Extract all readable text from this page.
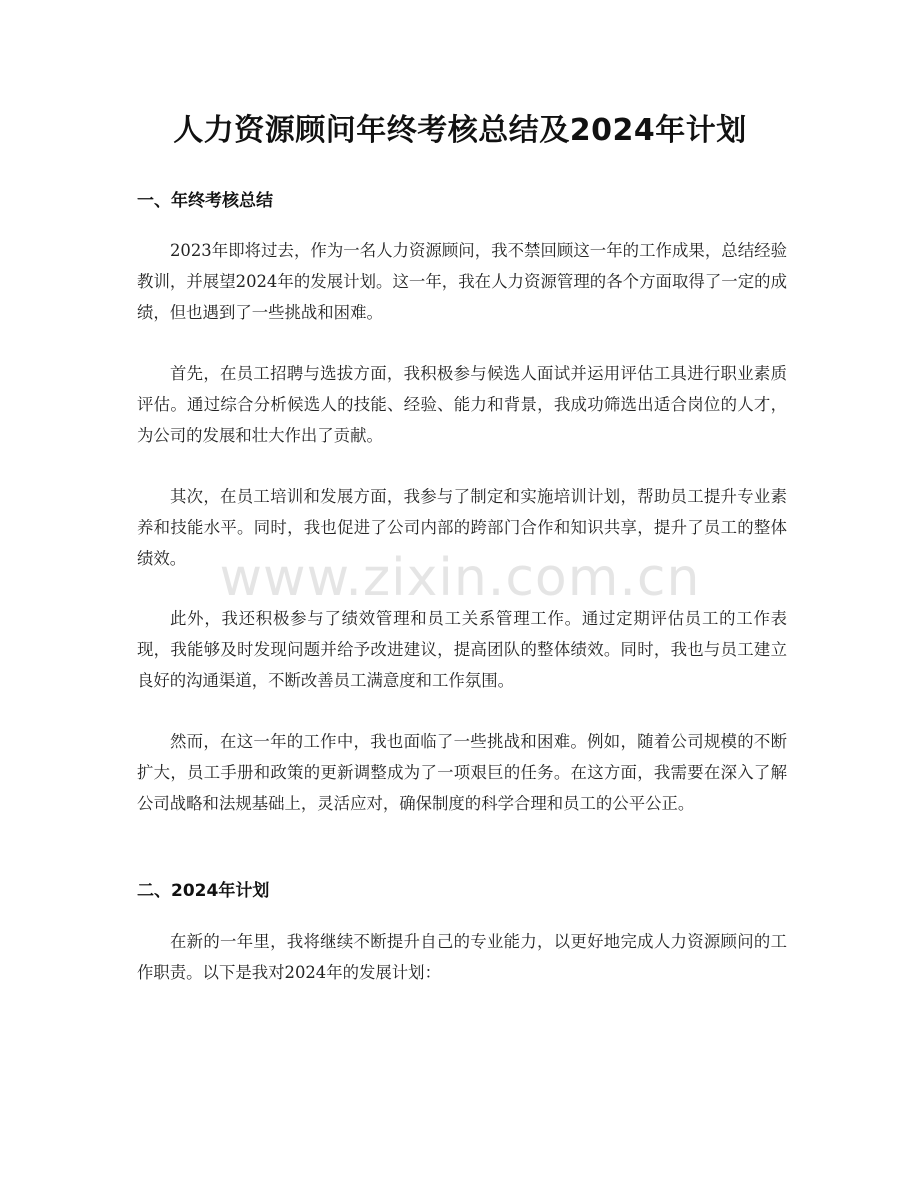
人力资源顾问年终考核总结及2024年计划
一、年终考核总结

2023年即将过去，作为一名人力资源顾问，我不禁回顾这一年的工作成果，总结经验教训，并展望2024年的发展计划。这一年，我在人力资源管理的各个方面取得了一定的成绩，但也遇到了一些挑战和困难。

首先，在员工招聘与选拔方面，我积极参与候选人面试并运用评估工具进行职业素质评估。通过综合分析候选人的技能、经验、能力和背景，我成功筛选出适合岗位的人才，为公司的发展和壮大作出了贡献。

其次，在员工培训和发展方面，我参与了制定和实施培训计划，帮助员工提升专业素养和技能水平。同时，我也促进了公司内部的跨部门合作和知识共享，提升了员工的整体绩效。

此外，我还积极参与了绩效管理和员工关系管理工作。通过定期评估员工的工作表现，我能够及时发现问题并给予改进建议，提高团队的整体绩效。同时，我也与员工建立良好的沟通渠道，不断改善员工满意度和工作氛围。

然而，在这一年的工作中，我也面临了一些挑战和困难。例如，随着公司规模的不断扩大，员工手册和政策的更新调整成为了一项艰巨的任务。在这方面，我需要在深入了解公司战略和法规基础上，灵活应对，确保制度的科学合理和员工的公平公正。

二、2024年计划

在新的一年里，我将继续不断提升自己的专业能力，以更好地完成人力资源顾问的工作职责。以下是我对2024年的发展计划：

www.zixin.com.cn
